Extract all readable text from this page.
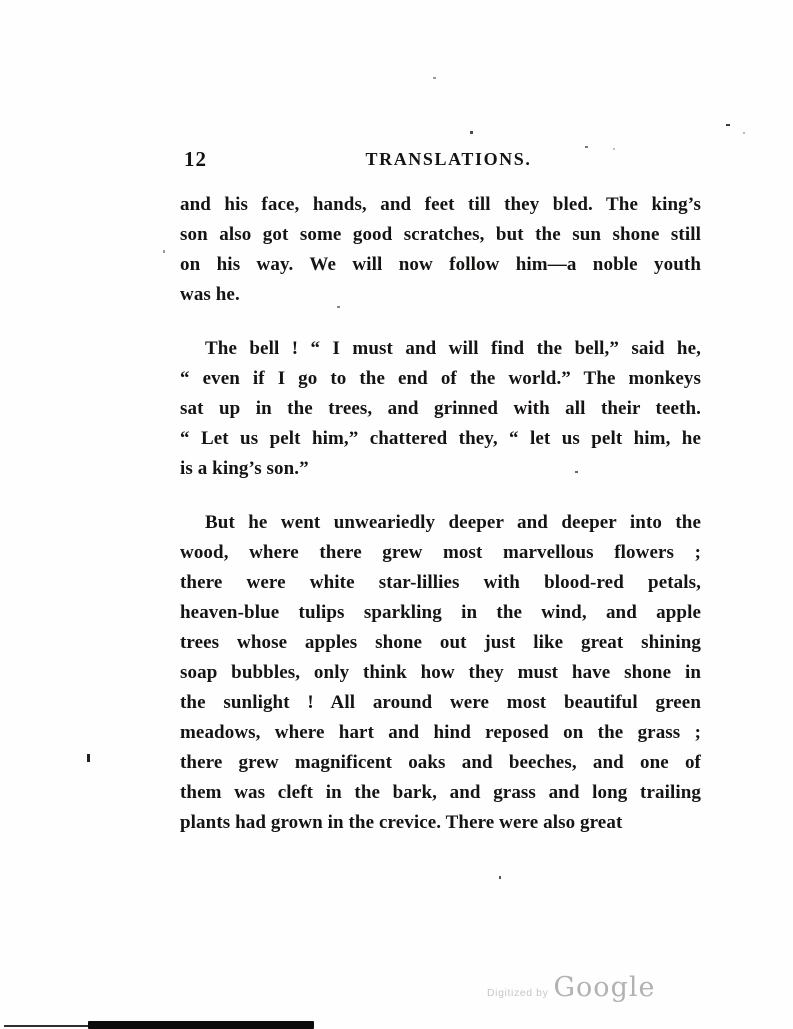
12	TRANSLATIONS.
and his face, hands, and feet till they bled. The king’s
son also got some good scratches, but the sun shone still
on his way. We will now follow him—a noble youth
was he.
The bell ! “ I must and will find the bell,” said he,
“ even if I go to the end of the world.” The monkeys
sat up in the trees, and grinned with all their teeth.
“ Let us pelt him,” chattered they, “ let us pelt him, he
is a king’s son.”
But he went unweariedly deeper and deeper into the
wood, where there grew most marvellous flowers ;
there were white star-lillies with blood-red petals,
heaven-blue tulips sparkling in the wind, and apple
trees whose apples shone out just like great shining
soap bubbles, only think how they must have shone in
the sunlight ! All around were most beautiful green
meadows, where hart and hind reposed on the grass ;
there grew magnificent oaks and beeches, and one of
them was cleft in the bark, and grass and long trailing
plants had grown in the crevice. There were also great
Digitized by Google
